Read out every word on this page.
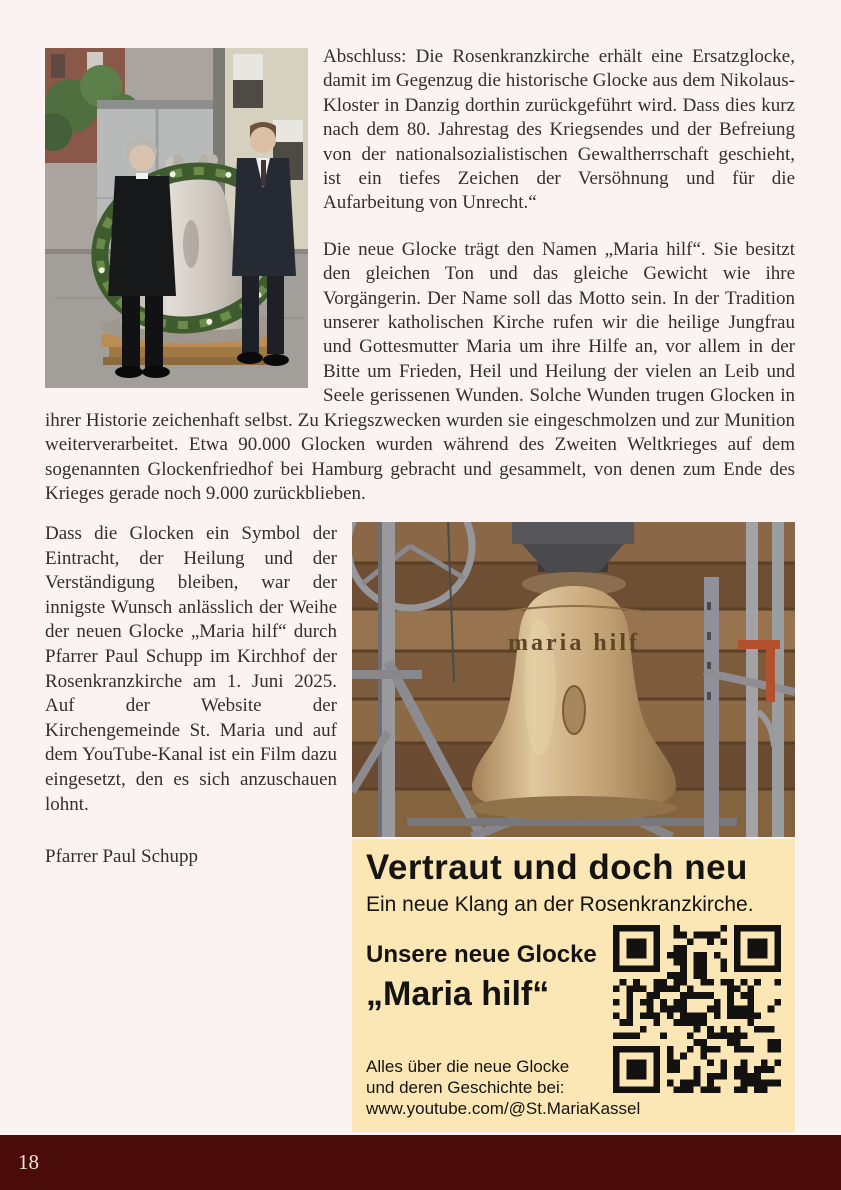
Abschluss: Die Rosenkranzkirche erhält eine Ersatzglocke, damit im Gegenzug die historische Glocke aus dem Nikolaus-Kloster in Danzig dorthin zurückgeführt wird. Dass dies kurz nach dem 80. Jahrestag des Kriegsendes und der Befreiung von der nationalsozialistischen Gewaltherrschaft geschieht, ist ein tiefes Zeichen der Versöhnung und für die Aufarbeitung von Unrecht.“

Die neue Glocke trägt den Namen „Maria hilf“. Sie besitzt den gleichen Ton und das gleiche Gewicht wie ihre Vorgängerin. Der Name soll das Motto sein. In der Tradition unserer katholischen Kirche rufen wir die heilige Jungfrau und Gottesmutter Maria um ihre Hilfe an, vor allem in der Bitte um Frieden, Heil und Heilung der vielen an Leib und Seele gerissenen Wunden. Solche Wunden trugen Glocken in ihrer Historie zeichenhaft selbst. Zu Kriegszwecken wurden sie eingeschmolzen und zur Munition weiterverarbeitet. Etwa 90.000 Glocken wurden während des Zweiten Weltkrieges auf dem sogenannten Glockenfriedhof bei Hamburg gebracht und gesammelt, von denen zum Ende des Krieges gerade noch 9.000 zurückblieben.

Dass die Glocken ein Symbol der Eintracht, der Heilung und der Verständigung bleiben, war der innigste Wunsch anlässlich der Weihe der neuen Glocke „Maria hilf“ durch Pfarrer Paul Schupp im Kirchhof der Rosenkranzkirche am 1. Juni 2025. Auf der Website der Kirchengemeinde St. Maria und auf dem YouTube-Kanal ist ein Film dazu eingesetzt, den es sich anzuschauen lohnt.

Pfarrer Paul Schupp

maria hilf
Vertraut und doch neu
Ein neue Klang an der Rosenkranzkirche.
Unsere neue Glocke
„Maria hilf“
Alles über die neue Glocke
und deren Geschichte bei:
www.youtube.com/@St.MariaKassel
18
